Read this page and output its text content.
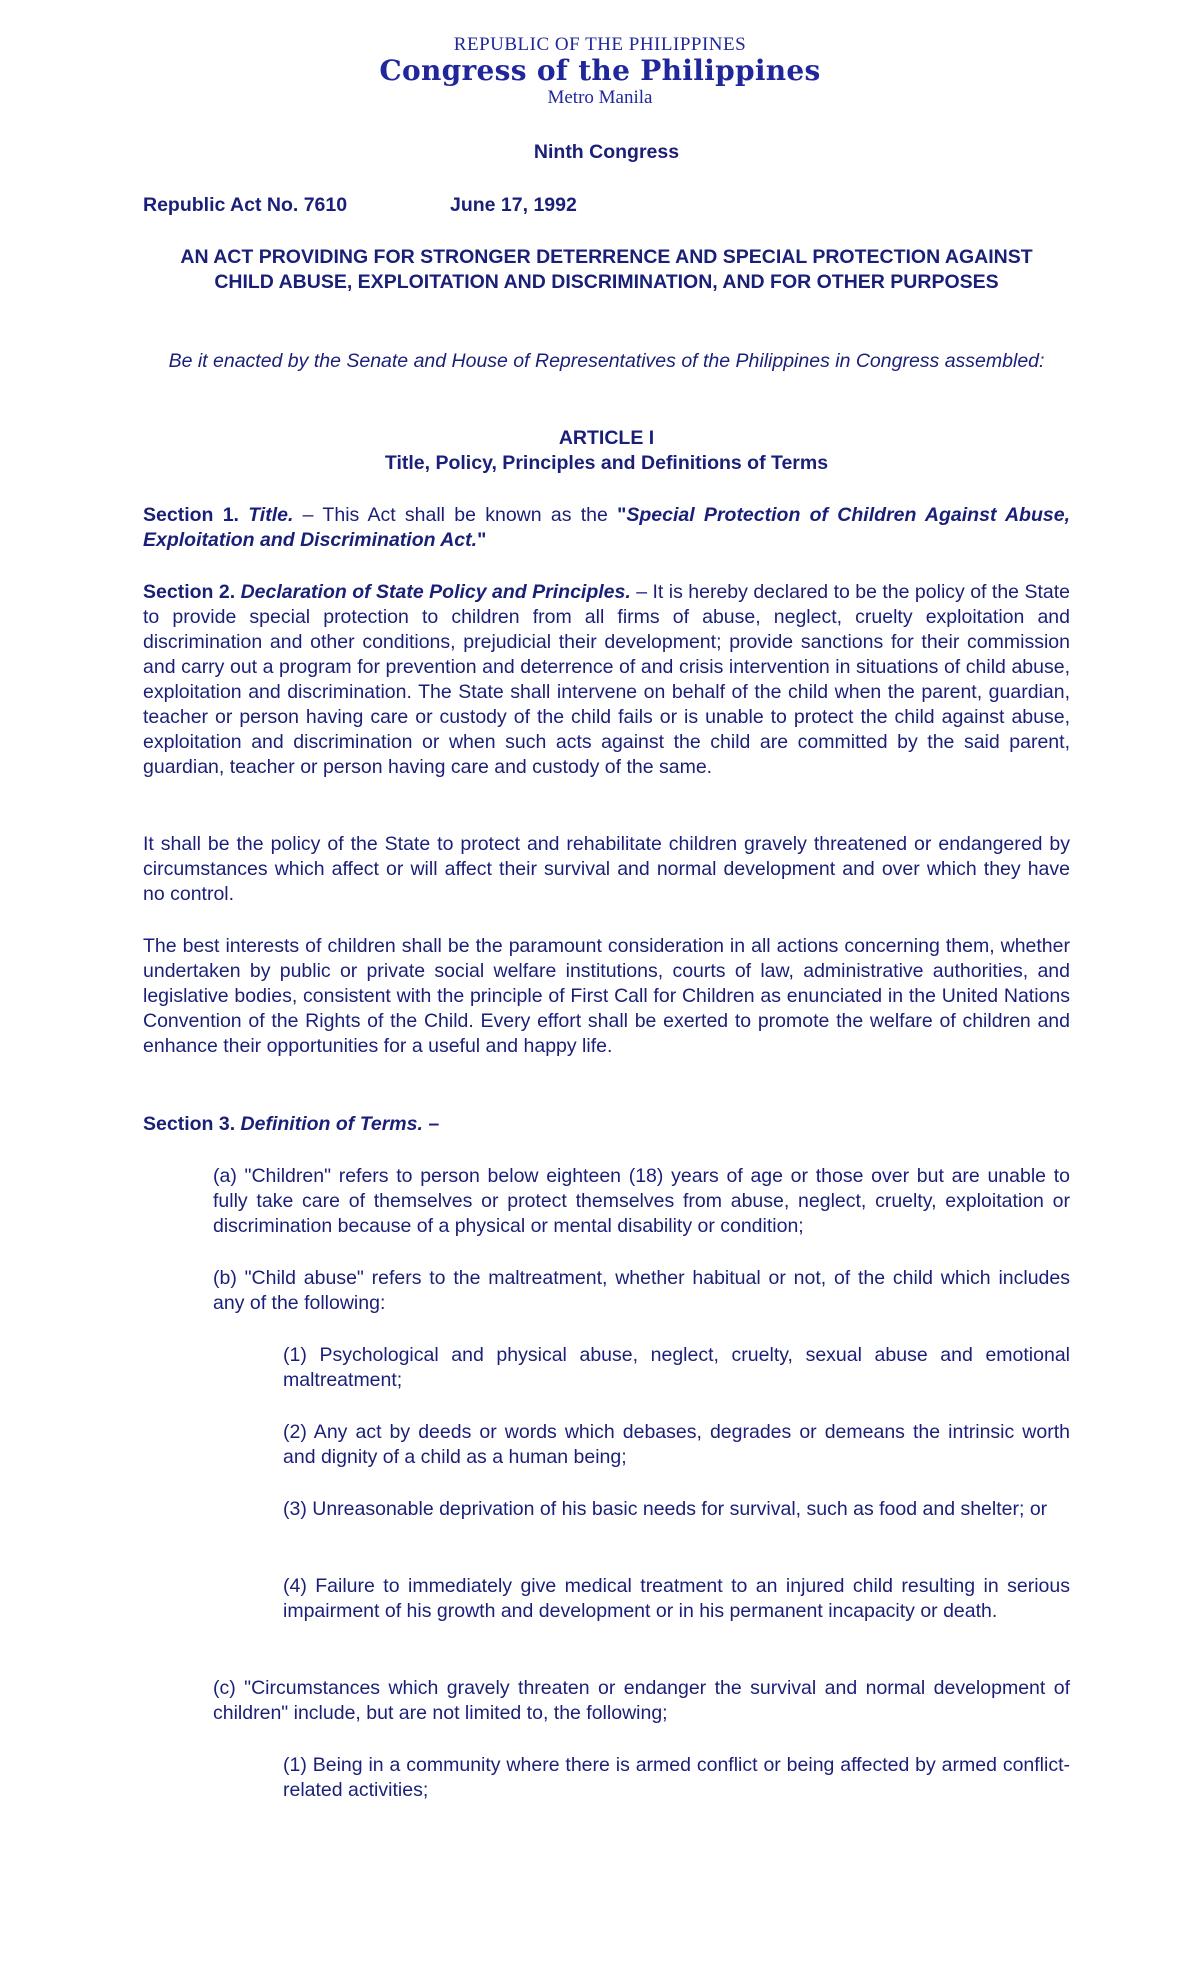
REPUBLIC OF THE PHILIPPINES
Congress of the Philippines
Metro Manila
Ninth Congress
Republic Act No. 7610	June 17, 1992
AN ACT PROVIDING FOR STRONGER DETERRENCE AND SPECIAL PROTECTION AGAINST CHILD ABUSE, EXPLOITATION AND DISCRIMINATION, AND FOR OTHER PURPOSES
Be it enacted by the Senate and House of Representatives of the Philippines in Congress assembled:
ARTICLE I
Title, Policy, Principles and Definitions of Terms
Section 1. Title. – This Act shall be known as the "Special Protection of Children Against Abuse, Exploitation and Discrimination Act."
Section 2. Declaration of State Policy and Principles. – It is hereby declared to be the policy of the State to provide special protection to children from all firms of abuse, neglect, cruelty exploitation and discrimination and other conditions, prejudicial their development; provide sanctions for their commission and carry out a program for prevention and deterrence of and crisis intervention in situations of child abuse, exploitation and discrimination. The State shall intervene on behalf of the child when the parent, guardian, teacher or person having care or custody of the child fails or is unable to protect the child against abuse, exploitation and discrimination or when such acts against the child are committed by the said parent, guardian, teacher or person having care and custody of the same.
It shall be the policy of the State to protect and rehabilitate children gravely threatened or endangered by circumstances which affect or will affect their survival and normal development and over which they have no control.
The best interests of children shall be the paramount consideration in all actions concerning them, whether undertaken by public or private social welfare institutions, courts of law, administrative authorities, and legislative bodies, consistent with the principle of First Call for Children as enunciated in the United Nations Convention of the Rights of the Child. Every effort shall be exerted to promote the welfare of children and enhance their opportunities for a useful and happy life.
Section 3. Definition of Terms. –
(a) "Children" refers to person below eighteen (18) years of age or those over but are unable to fully take care of themselves or protect themselves from abuse, neglect, cruelty, exploitation or discrimination because of a physical or mental disability or condition;
(b) "Child abuse" refers to the maltreatment, whether habitual or not, of the child which includes any of the following:
(1) Psychological and physical abuse, neglect, cruelty, sexual abuse and emotional maltreatment;
(2) Any act by deeds or words which debases, degrades or demeans the intrinsic worth and dignity of a child as a human being;
(3) Unreasonable deprivation of his basic needs for survival, such as food and shelter; or
(4) Failure to immediately give medical treatment to an injured child resulting in serious impairment of his growth and development or in his permanent incapacity or death.
(c) "Circumstances which gravely threaten or endanger the survival and normal development of children" include, but are not limited to, the following;
(1) Being in a community where there is armed conflict or being affected by armed conflict-related activities;
